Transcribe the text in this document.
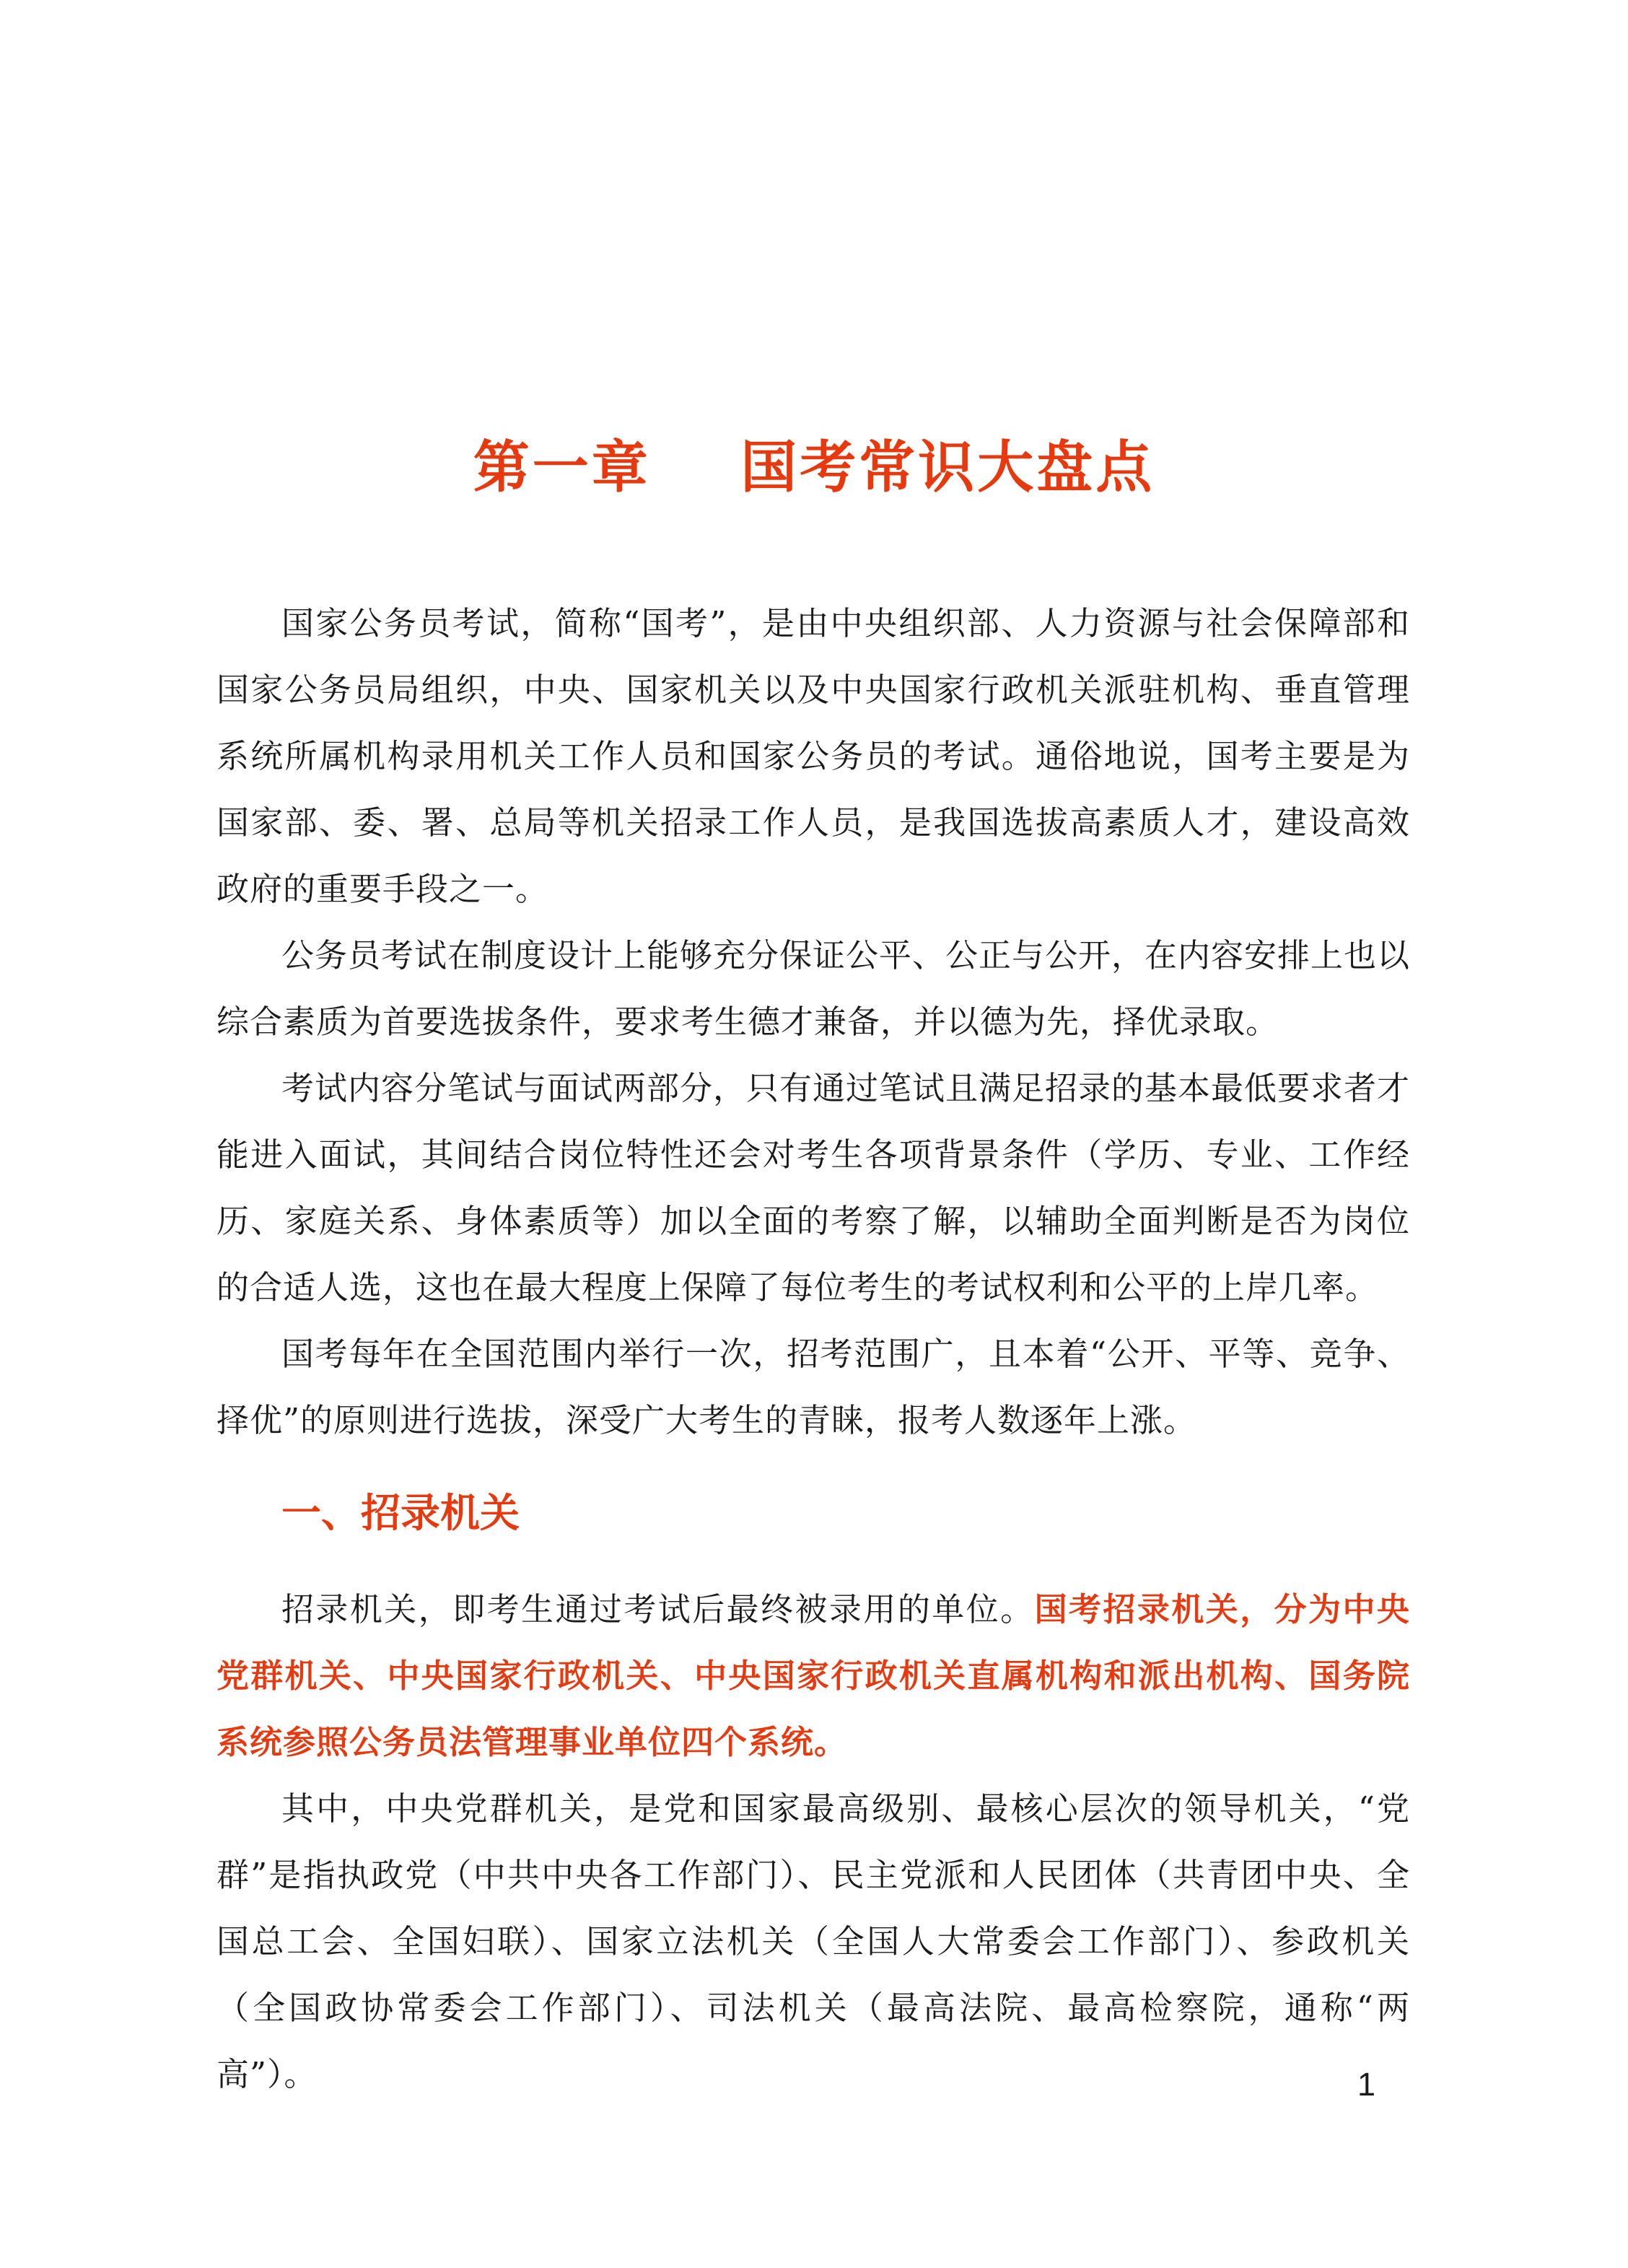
第一章    国考常识大盘点

国家公务员考试，简称“国考”，是由中央组织部、人力资源与社会保障部和国家公务员局组织，中央、国家机关以及中央国家行政机关派驻机构、垂直管理系统所属机构录用机关工作人员和国家公务员的考试。通俗地说，国考主要是为国家部、委、署、总局等机关招录工作人员，是我国选拔高素质人才，建设高效政府的重要手段之一。

公务员考试在制度设计上能够充分保证公平、公正与公开，在内容安排上也以综合素质为首要选拔条件，要求考生德才兼备，并以德为先，择优录取。

考试内容分笔试与面试两部分，只有通过笔试且满足招录的基本最低要求者才能进入面试，其间结合岗位特性还会对考生各项背景条件（学历、专业、工作经历、家庭关系、身体素质等）加以全面的考察了解，以辅助全面判断是否为岗位的合适人选，这也在最大程度上保障了每位考生的考试权利和公平的上岸几率。

国考每年在全国范围内举行一次，招考范围广，且本着“公开、平等、竞争、择优”的原则进行选拔，深受广大考生的青睐，报考人数逐年上涨。

一、招录机关

招录机关，即考生通过考试后最终被录用的单位。国考招录机关，分为中央党群机关、中央国家行政机关、中央国家行政机关直属机构和派出机构、国务院系统参照公务员法管理事业单位四个系统。

其中，中央党群机关，是党和国家最高级别、最核心层次的领导机关，“党群”是指执政党（中共中央各工作部门）、民主党派和人民团体（共青团中央、全国总工会、全国妇联）、国家立法机关（全国人大常委会工作部门）、参政机关（全国政协常委会工作部门）、司法机关（最高法院、最高检察院，通称“两高”）。	1
